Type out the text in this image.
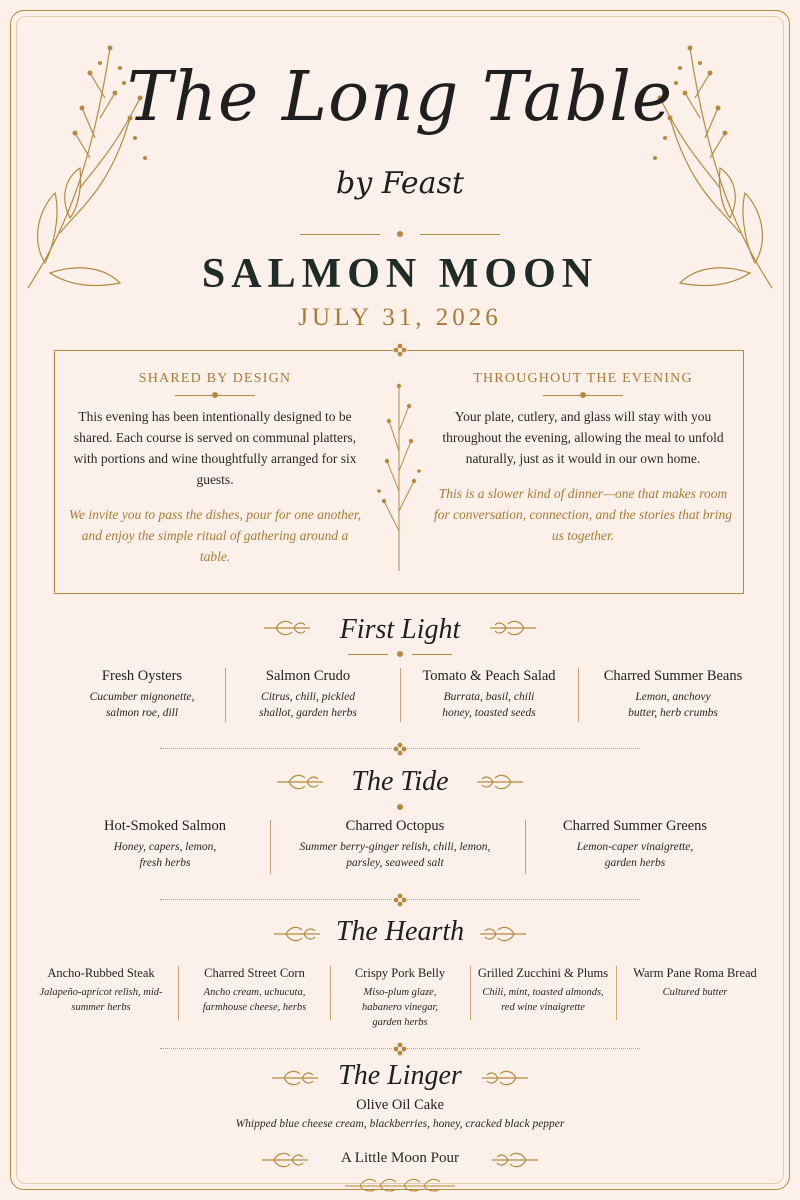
The Long Table
by Feast
SALMON MOON
JULY 31, 2026
SHARED BY DESIGN

This evening has been intentionally designed to be shared. Each course is served on communal platters, with portions and wine thoughtfully arranged for six guests.

We invite you to pass the dishes, pour for one another, and enjoy the simple ritual of gathering around a table.

THROUGHOUT THE EVENING

Your plate, cutlery, and glass will stay with you throughout the evening, allowing the meal to unfold naturally, just as it would in our own home.

This is a slower kind of dinner—one that makes room for conversation, connection, and the stories that bring us together.

First Light
Fresh Oysters
Cucumber mignonette, salmon roe, dill
Salmon Crudo
Citrus, chili, pickled shallot, garden herbs
Tomato & Peach Salad
Burrata, basil, chili honey, toasted seeds
Charred Summer Beans
Lemon, anchovy butter, herb crumbs
The Tide
Hot-Smoked Salmon
Honey, capers, lemon, fresh herbs
Charred Octopus
Summer berry-ginger relish, chili, lemon, parsley, seaweed salt
Charred Summer Greens
Lemon-caper vinaigrette, garden herbs
The Hearth
Ancho-Rubbed Steak
Jalapeño-apricot relish, mid-summer herbs
Charred Street Corn
Ancho cream, uchucuta, farmhouse cheese, herbs
Crispy Pork Belly
Miso-plum glaze, habanero vinegar, garden herbs
Grilled Zucchini & Plums
Chili, mint, toasted almonds, red wine vinaigrette
Warm Pane Roma Bread
Cultured butter
The Linger
Olive Oil Cake
Whipped blue cheese cream, blackberries, honey, cracked black pepper
A Little Moon Pour
